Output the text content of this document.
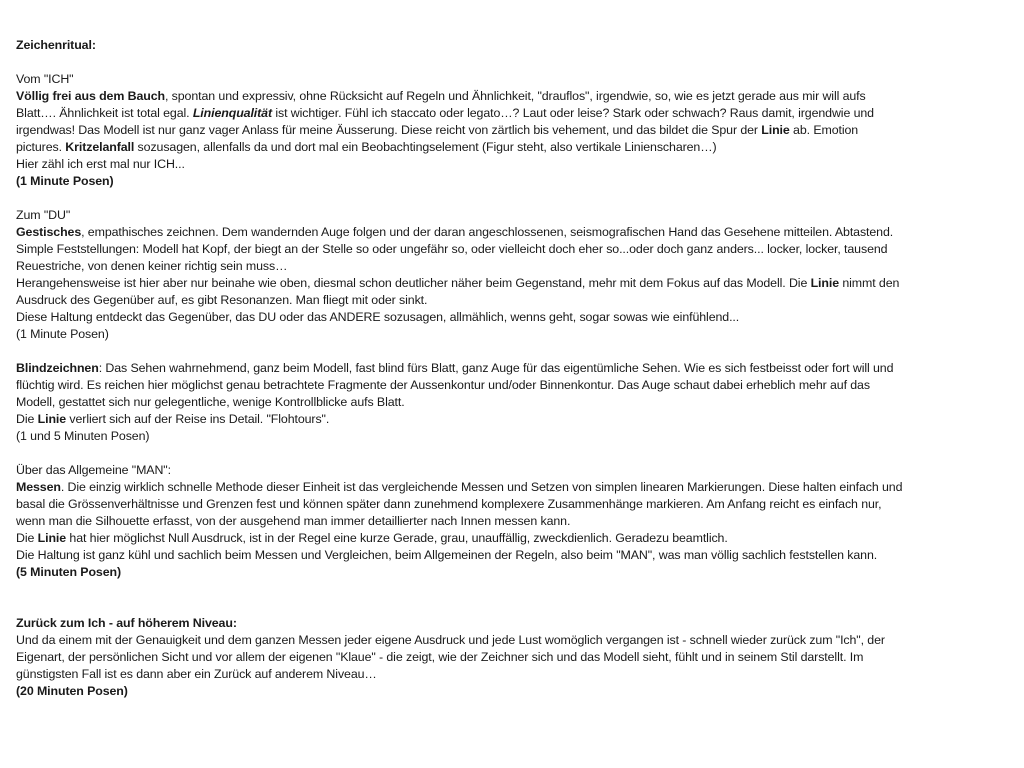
Zeichenritual:
Vom "ICH"
Völlig frei aus dem Bauch, spontan und expressiv, ohne Rücksicht auf Regeln und Ähnlichkeit, "drauflos", irgendwie, so, wie es jetzt gerade aus mir will aufs
Blatt…. Ähnlichkeit ist total egal. Linienqualität ist wichtiger. Fühl ich staccato oder legato…? Laut oder leise? Stark oder schwach? Raus damit, irgendwie und
irgendwas! Das Modell ist nur ganz vager Anlass für meine Äusserung. Diese reicht von zärtlich bis vehement, und das bildet die Spur der Linie ab. Emotion
pictures. Kritzelanfall sozusagen, allenfalls da und dort mal ein Beobachtingselement (Figur steht, also vertikale Linienscharen…)
Hier zähl ich erst mal nur ICH...
(1 Minute Posen)
Zum "DU"
Gestisches, empathisches zeichnen. Dem wandernden Auge folgen und der daran angeschlossenen, seismografischen Hand das Gesehene mitteilen. Abtastend.
Simple Feststellungen: Modell hat Kopf, der biegt an der Stelle so oder ungefähr so, oder vielleicht doch eher so...oder doch ganz anders... locker, locker, tausend
Reuestriche, von denen keiner richtig sein muss…
Herangehensweise ist hier aber nur beinahe wie oben, diesmal schon deutlicher näher beim Gegenstand, mehr mit dem Fokus auf das Modell. Die Linie nimmt den
Ausdruck des Gegenüber auf, es gibt Resonanzen. Man fliegt mit oder sinkt.
Diese Haltung entdeckt das Gegenüber, das DU oder das ANDERE sozusagen, allmählich, wenns geht, sogar sowas wie einfühlend...
(1 Minute Posen)
Blindzeichnen: Das Sehen wahrnehmend, ganz beim Modell, fast blind fürs Blatt, ganz Auge für das eigentümliche Sehen. Wie es sich festbeisst oder fort will und
flüchtig wird. Es reichen hier möglichst genau betrachtete Fragmente der Aussenkontur und/oder Binnenkontur. Das Auge schaut dabei erheblich mehr auf das
Modell, gestattet sich nur gelegentliche, wenige Kontrollblicke aufs Blatt.
Die Linie verliert sich auf der Reise ins Detail. "Flohtours".
(1 und 5 Minuten Posen)
Über das Allgemeine "MAN":
Messen. Die einzig wirklich schnelle Methode dieser Einheit ist das vergleichende Messen und Setzen von simplen linearen Markierungen. Diese halten einfach und
basal die Grössenverhältnisse und Grenzen fest und können später dann zunehmend komplexere Zusammenhänge markieren. Am Anfang reicht es einfach nur,
wenn man die Silhouette erfasst, von der ausgehend man immer detaillierter nach Innen messen kann.
Die Linie hat hier möglichst Null Ausdruck, ist in der Regel eine kurze Gerade, grau, unauffällig, zweckdienlich. Geradezu beamtlich.
Die Haltung ist ganz kühl und sachlich beim Messen und Vergleichen, beim Allgemeinen der Regeln, also beim "MAN", was man völlig sachlich feststellen kann.
(5 Minuten Posen)
Zurück zum Ich - auf höherem Niveau:
Und da einem mit der Genauigkeit und dem ganzen Messen jeder eigene Ausdruck und jede Lust womöglich vergangen ist - schnell wieder zurück zum "Ich", der
Eigenart, der persönlichen Sicht und vor allem der eigenen "Klaue" - die zeigt, wie der Zeichner sich und das Modell sieht, fühlt und in seinem Stil darstellt. Im
günstigsten Fall ist es dann aber ein Zurück auf anderem Niveau…
(20 Minuten Posen)
